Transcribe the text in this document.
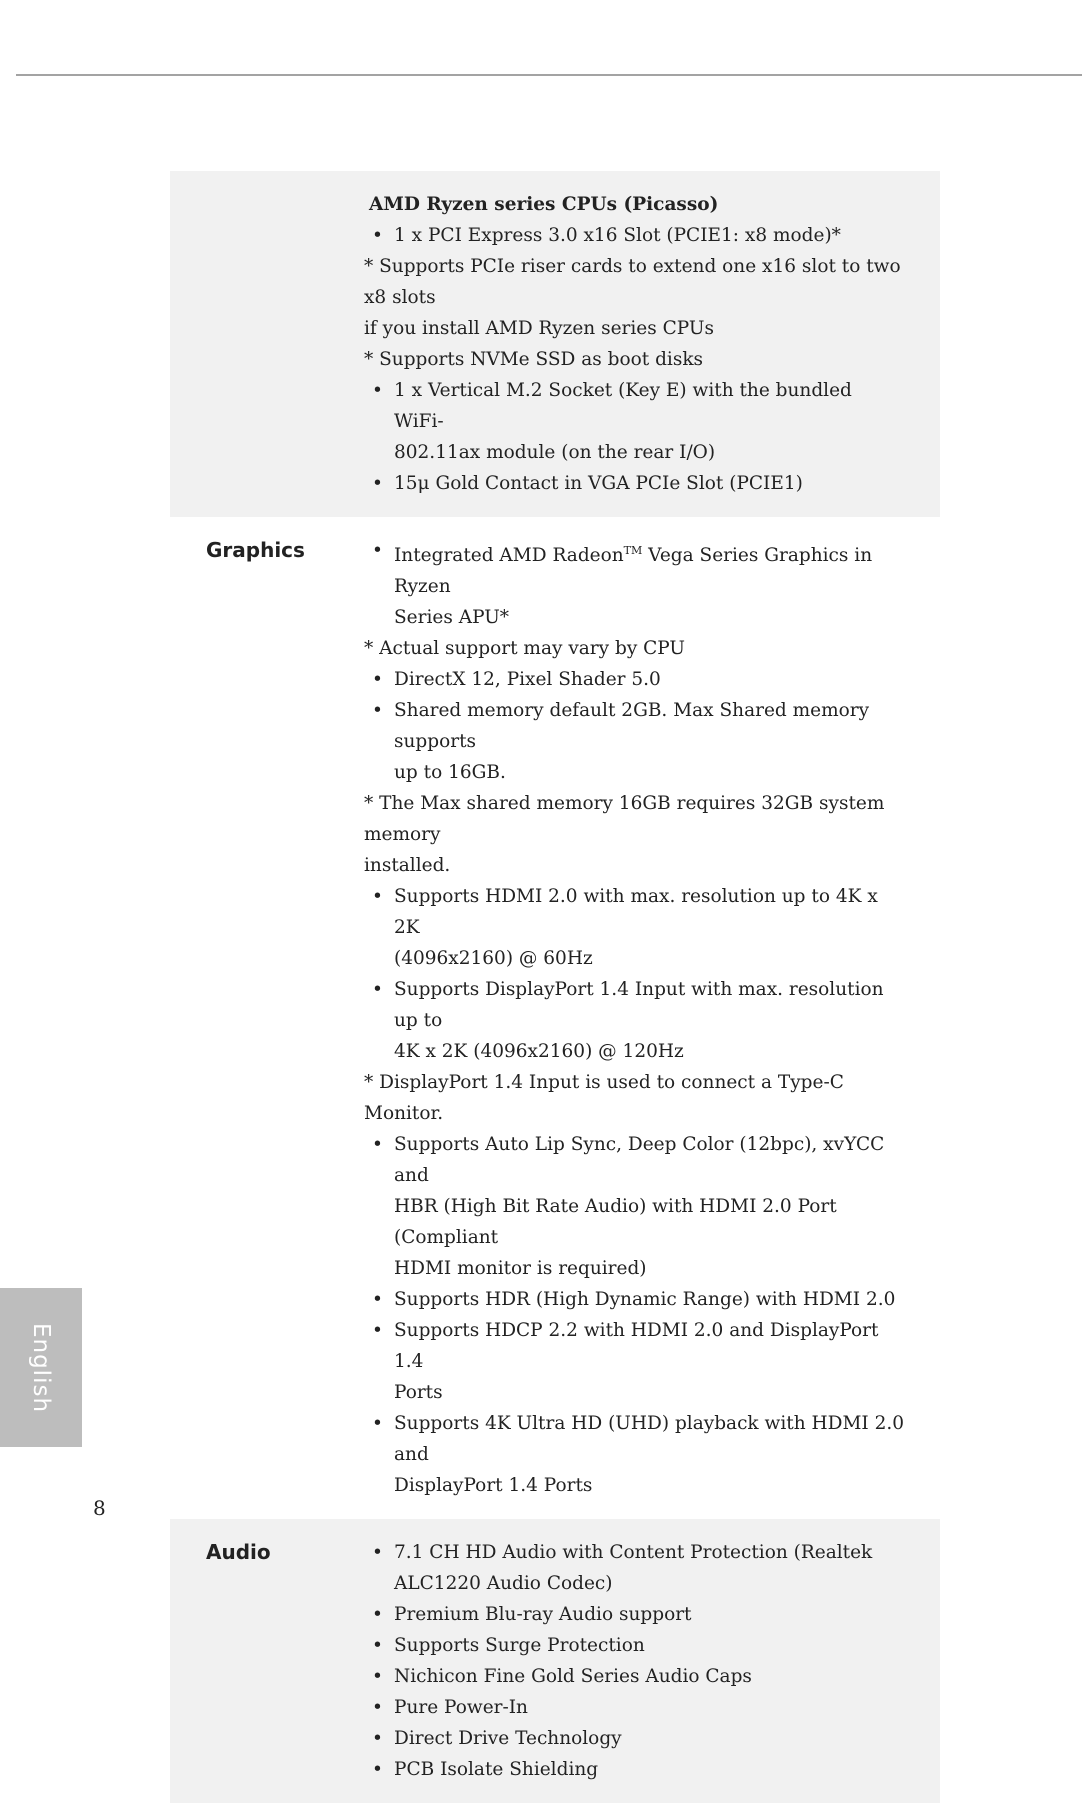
AMD Ryzen series CPUs (Picasso)
• 1 x PCI Express 3.0 x16 Slot (PCIE1: x8 mode)*
* Supports PCIe riser cards to extend one x16 slot to two x8 slots
if you install AMD Ryzen series CPUs
* Supports NVMe SSD as boot disks
• 1 x Vertical M.2 Socket (Key E) with the bundled WiFi-
802.11ax module (on the rear I/O)
• 15μ Gold Contact in VGA PCIe Slot (PCIE1)
Graphics	• Integrated AMD Radeon™ Vega Series Graphics in Ryzen
Series APU*
* Actual support may vary by CPU
• DirectX 12, Pixel Shader 5.0
• Shared memory default 2GB. Max Shared memory supports
up to 16GB.
* The Max shared memory 16GB requires 32GB system memory
installed.
• Supports HDMI 2.0 with max. resolution up to 4K x 2K
(4096x2160) @ 60Hz
• Supports DisplayPort 1.4 Input with max. resolution up to
4K x 2K (4096x2160) @ 120Hz
* DisplayPort 1.4 Input is used to connect a Type-C Monitor.
• Supports Auto Lip Sync, Deep Color (12bpc), xvYCC and
HBR (High Bit Rate Audio) with HDMI 2.0 Port (Compliant
HDMI monitor is required)
• Supports HDR (High Dynamic Range) with HDMI 2.0
• Supports HDCP 2.2 with HDMI 2.0 and DisplayPort 1.4
Ports
• Supports 4K Ultra HD (UHD) playback with HDMI 2.0 and
DisplayPort 1.4 Ports
Audio	• 7.1 CH HD Audio with Content Protection (Realtek
ALC1220 Audio Codec)
• Premium Blu-ray Audio support
• Supports Surge Protection
• Nichicon Fine Gold Series Audio Caps
• Pure Power-In
• Direct Drive Technology
• PCB Isolate Shielding
English
8
